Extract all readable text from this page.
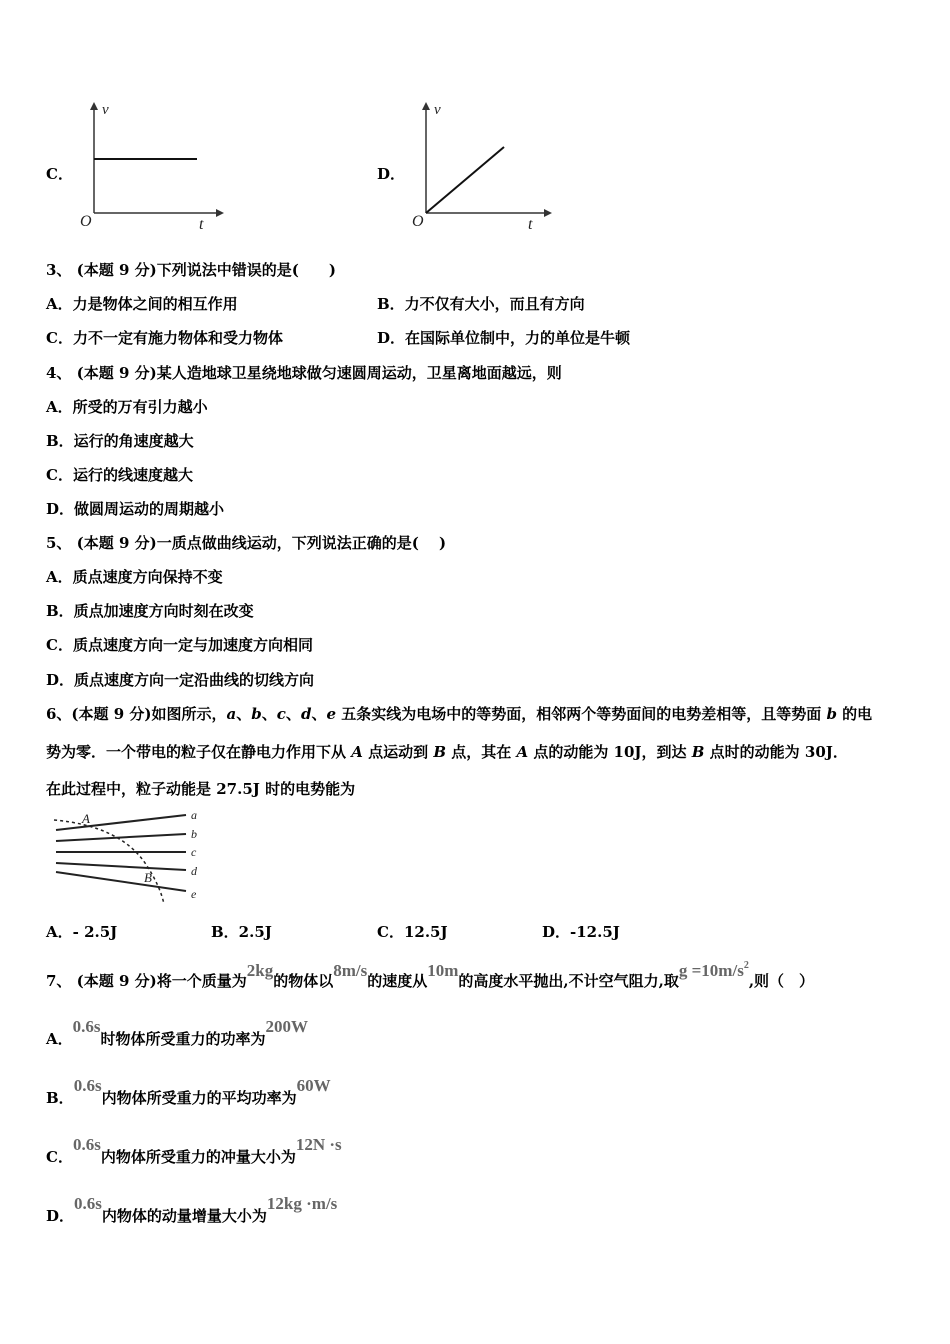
C．
v
O	t
D．
v
O	t
3、 (本题 9 分)下列说法中错误的是(　　)
A．力是物体之间的相互作用	B．力不仅有大小，而且有方向
C．力不一定有施力物体和受力物体	D．在国际单位制中，力的单位是牛顿
4、 (本题 9 分)某人造地球卫星绕地球做匀速圆周运动，卫星离地面越远，则
A．所受的万有引力越小
B．运行的角速度越大
C．运行的线速度越大
D．做圆周运动的周期越小
5、 (本题 9 分)一质点做曲线运动，下列说法正确的是(　 )
A．质点速度方向保持不变
B．质点加速度方向时刻在改变
C．质点速度方向一定与加速度方向相同
D．质点速度方向一定沿曲线的切线方向
6、(本题 9 分)如图所示，a、b、c、d、e 五条实线为电场中的等势面，相邻两个等势面间的电势差相等，且等势面 b 的电
势为零．一个带电的粒子仅在静电力作用下从 A 点运动到 B 点，其在 A 点的动能为 10J，到达 B 点时的动能为 30J．
在此过程中，粒子动能是 27.5J 时的电势能为
A
B
a
b
c
d
e
A．- 2.5J	B．2.5J	C．12.5J	D．-12.5J
7、 (本题 9 分)将一个质量为2kg的物体以8m/s的速度从10m的高度水平抛出,不计空气阻力,取$g =10m/s^2$,则（　）
A．0.6s时物体所受重力的功率为200W
B．0.6s内物体所受重力的平均功率为60W
C．0.6s内物体所受重力的冲量大小为12N ·s
D．0.6s内物体的动量增量大小为12kg ·m/s
